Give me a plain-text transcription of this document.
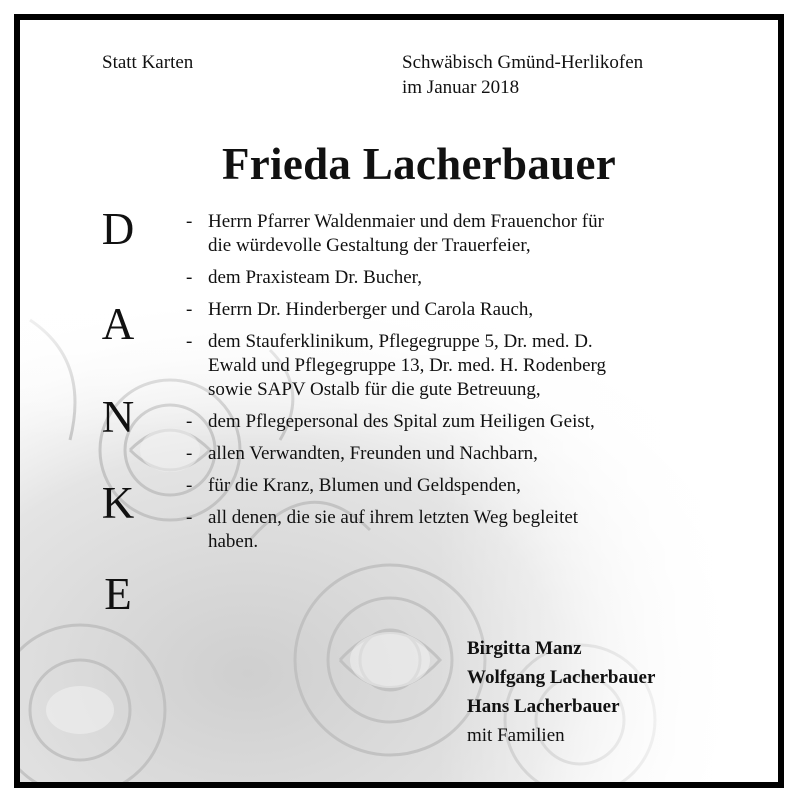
Statt Karten	Schwäbisch Gmünd-Herlikofen
im Januar 2018
Frieda Lacherbauer
D
A
N
K
E
- Herrn Pfarrer Waldenmaier und dem Frauenchor für
die würdevolle Gestaltung der Trauerfeier,
- dem Praxisteam Dr. Bucher,
- Herrn Dr. Hinderberger und Carola Rauch,
- dem Stauferklinikum, Pflegegruppe 5, Dr. med. D.
Ewald und Pflegegruppe 13, Dr. med. H. Rodenberg
sowie SAPV Ostalb für die gute Betreuung,
- dem Pflegepersonal des Spital zum Heiligen Geist,
- allen Verwandten, Freunden und Nachbarn,
- für die Kranz, Blumen und Geldspenden,
- all denen, die sie auf ihrem letzten Weg begleitet
haben.
Birgitta Manz
Wolfgang Lacherbauer
Hans Lacherbauer
mit Familien
